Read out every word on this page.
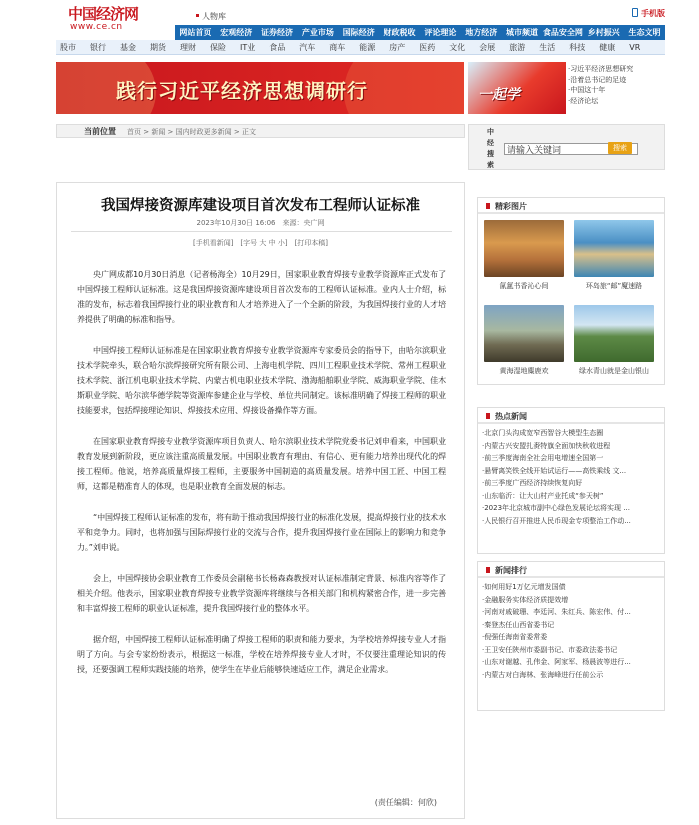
中国经济网
www.ce.cn
人物库	手机版
网站首页	宏观经济	证券经济	产业市场	国际经济	财政税收	评论理论	地方经济	城市频道 食品安全网 乡村振兴	生态文明
股市 银行 基金 期货 理财 保险 IT业 食品 汽车 商车 能源 房产 医药 文化 会展 旅游 生活 科技 健康 VR
践行习近平经济思想调研行	一起学
·习近平经济思想研究
·沿着总书记的足迹
·中国这十年
·经济论坛
当前位置 首页 > 新闻 > 国内时政更多新闻 > 正文	中经搜索
请输入关键词
搜索
我国焊接资源库建设项目首次发布工程师认证标准
2023年10月30日 16:06　来源：央广网
[手机看新闻]　[字号 大 中 小]　[打印本稿]

央广网成都10月30日消息（记者杨海全）10月29日，国家职业教育焊接专业教学资源库正式发布了中国焊接工程师认证标准。这是我国焊接资源库建设项目首次发布的工程师认证标准。业内人士介绍，标准的发布，标志着我国焊接行业的职业教育和人才培养进入了一个全新的阶段，为我国焊接行业的人才培养提供了明确的标准和指导。

中国焊接工程师认证标准是在国家职业教育焊接专业教学资源库专家委员会的指导下，由哈尔滨职业技术学院牵头，联合哈尔滨焊接研究所有限公司、上海电机学院、四川工程职业技术学院、常州工程职业技术学院、浙江机电职业技术学院、内蒙古机电职业技术学院、渤海船舶职业学院、威海职业学院、佳木斯职业学院、哈尔滨华德学院等资源库参建企业与学校、单位共同制定。该标准明确了焊接工程师的职业技能要求，包括焊接理论知识、焊接技术应用、焊接设备操作等方面。

在国家职业教育焊接专业教学资源库项目负责人、哈尔滨职业技术学院党委书记刘申看来，中国职业教育发展到新阶段，更应该注重高质量发展。中国职业教育有理由、有信心、更有能力培养出现代化的焊接工程师。他说，培养高质量焊接工程师，主要服务中国制造的高质量发展。培养中国工匠、中国工程师，这都是精准育人的体现，也是职业教育全面发展的标志。

“中国焊接工程师认证标准的发布，将有助于推动我国焊接行业的标准化发展，提高焊接行业的技术水平和竞争力。同时，也将加强与国际焊接行业的交流与合作，提升我国焊接行业在国际上的影响力和竞争力。”刘申说。

会上，中国焊接协会职业教育工作委员会副秘书长杨森森教授对认证标准制定背景、标准内容等作了相关介绍。他表示，国家职业教育焊接专业教学资源库将继续与各相关部门和机构紧密合作，进一步完善和丰富焊接工程师的职业认证标准，提升我国焊接行业的整体水平。

据介绍，中国焊接工程师认证标准明确了焊接工程师的职责和能力要求，为学校培养焊接专业人才指明了方向。与会专家纷纷表示，根据这一标准，学校在培养焊接专业人才时，不仅要注重理论知识的传授，还要强调工程师实践技能的培养，使学生在毕业后能够快速适应工作，满足企业需求。

(责任编辑：何欣)
精彩图片
氤氲书香沁心间	环岛旅“邮”魔速路
黄海湿地麋鹿欢	绿水青山就是金山银山
热点新闻
·北京门头沟成宽窄西智谷大模型生态圈
·内蒙古兴安盟扎赉特旗全面加快秋收进程
·前三季度海南全社会用电增速全国第一
·悬臂离笑铁全线开始试运行——高铁乘线 文...
·前三季度广西经济持续恢复向好
·山东临沂：让大山村产业托成“参天树”
·2023年北京城市副中心绿色发展论坛将实现 ...
·人民银行召开推进人民币现金专项整治工作动...
新闻排行
·如何用好1万亿元增发国债
·金融服务实体经济质提效增
·河南对戚破珊、李廷河、朱红兵、陈宏伟、付...
·秦登杰任山西省委书记
·倪强任海南省委常委
·王卫安任陕州市委副书记、市委政法委书记
·山东对谢越、孔伟金、阿家军、杨晨波等进行...
·内蒙古对白海林、张海峰进行任前公示
